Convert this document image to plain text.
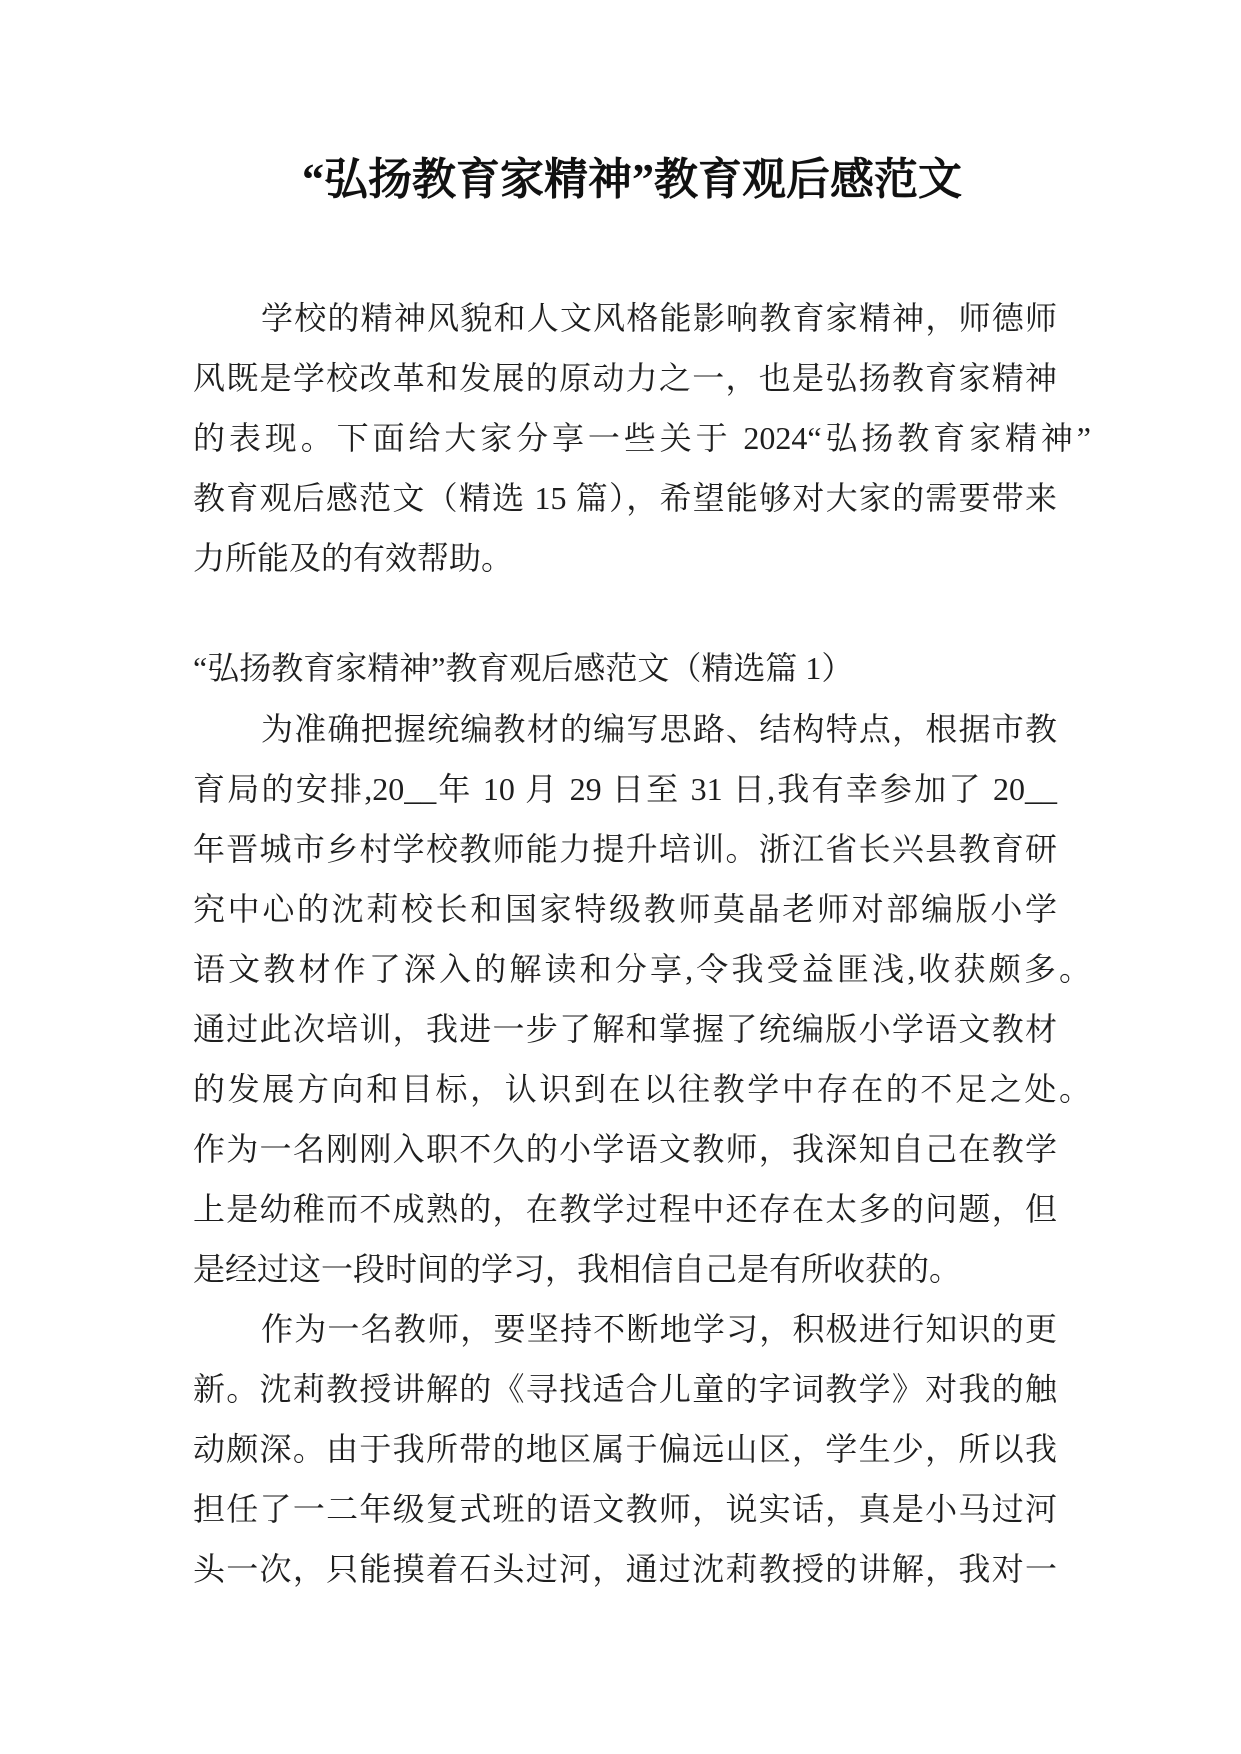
“弘扬教育家精神”教育观后感范文
学校的精神风貌和人文风格能影响教育家精神，师德师
风既是学校改革和发展的原动力之一，也是弘扬教育家精神
的表现。下面给大家分享一些关于 2024“弘扬教育家精神”
教育观后感范文（精选 15 篇），希望能够对大家的需要带来
力所能及的有效帮助。
“弘扬教育家精神”教育观后感范文（精选篇 1）
为准确把握统编教材的编写思路、结构特点，根据市教
育局的安排,20__年 10 月 29 日至 31 日,我有幸参加了 20__
年晋城市乡村学校教师能力提升培训。浙江省长兴县教育研
究中心的沈莉校长和国家特级教师莫晶老师对部编版小学
语文教材作了深入的解读和分享,令我受益匪浅,收获颇多。
通过此次培训，我进一步了解和掌握了统编版小学语文教材
的发展方向和目标，认识到在以往教学中存在的不足之处。
作为一名刚刚入职不久的小学语文教师，我深知自己在教学
上是幼稚而不成熟的，在教学过程中还存在太多的问题，但
是经过这一段时间的学习，我相信自己是有所收获的。
作为一名教师，要坚持不断地学习，积极进行知识的更
新。沈莉教授讲解的《寻找适合儿童的字词教学》对我的触
动颇深。由于我所带的地区属于偏远山区，学生少，所以我
担任了一二年级复式班的语文教师，说实话，真是小马过河
头一次，只能摸着石头过河，通过沈莉教授的讲解，我对一
